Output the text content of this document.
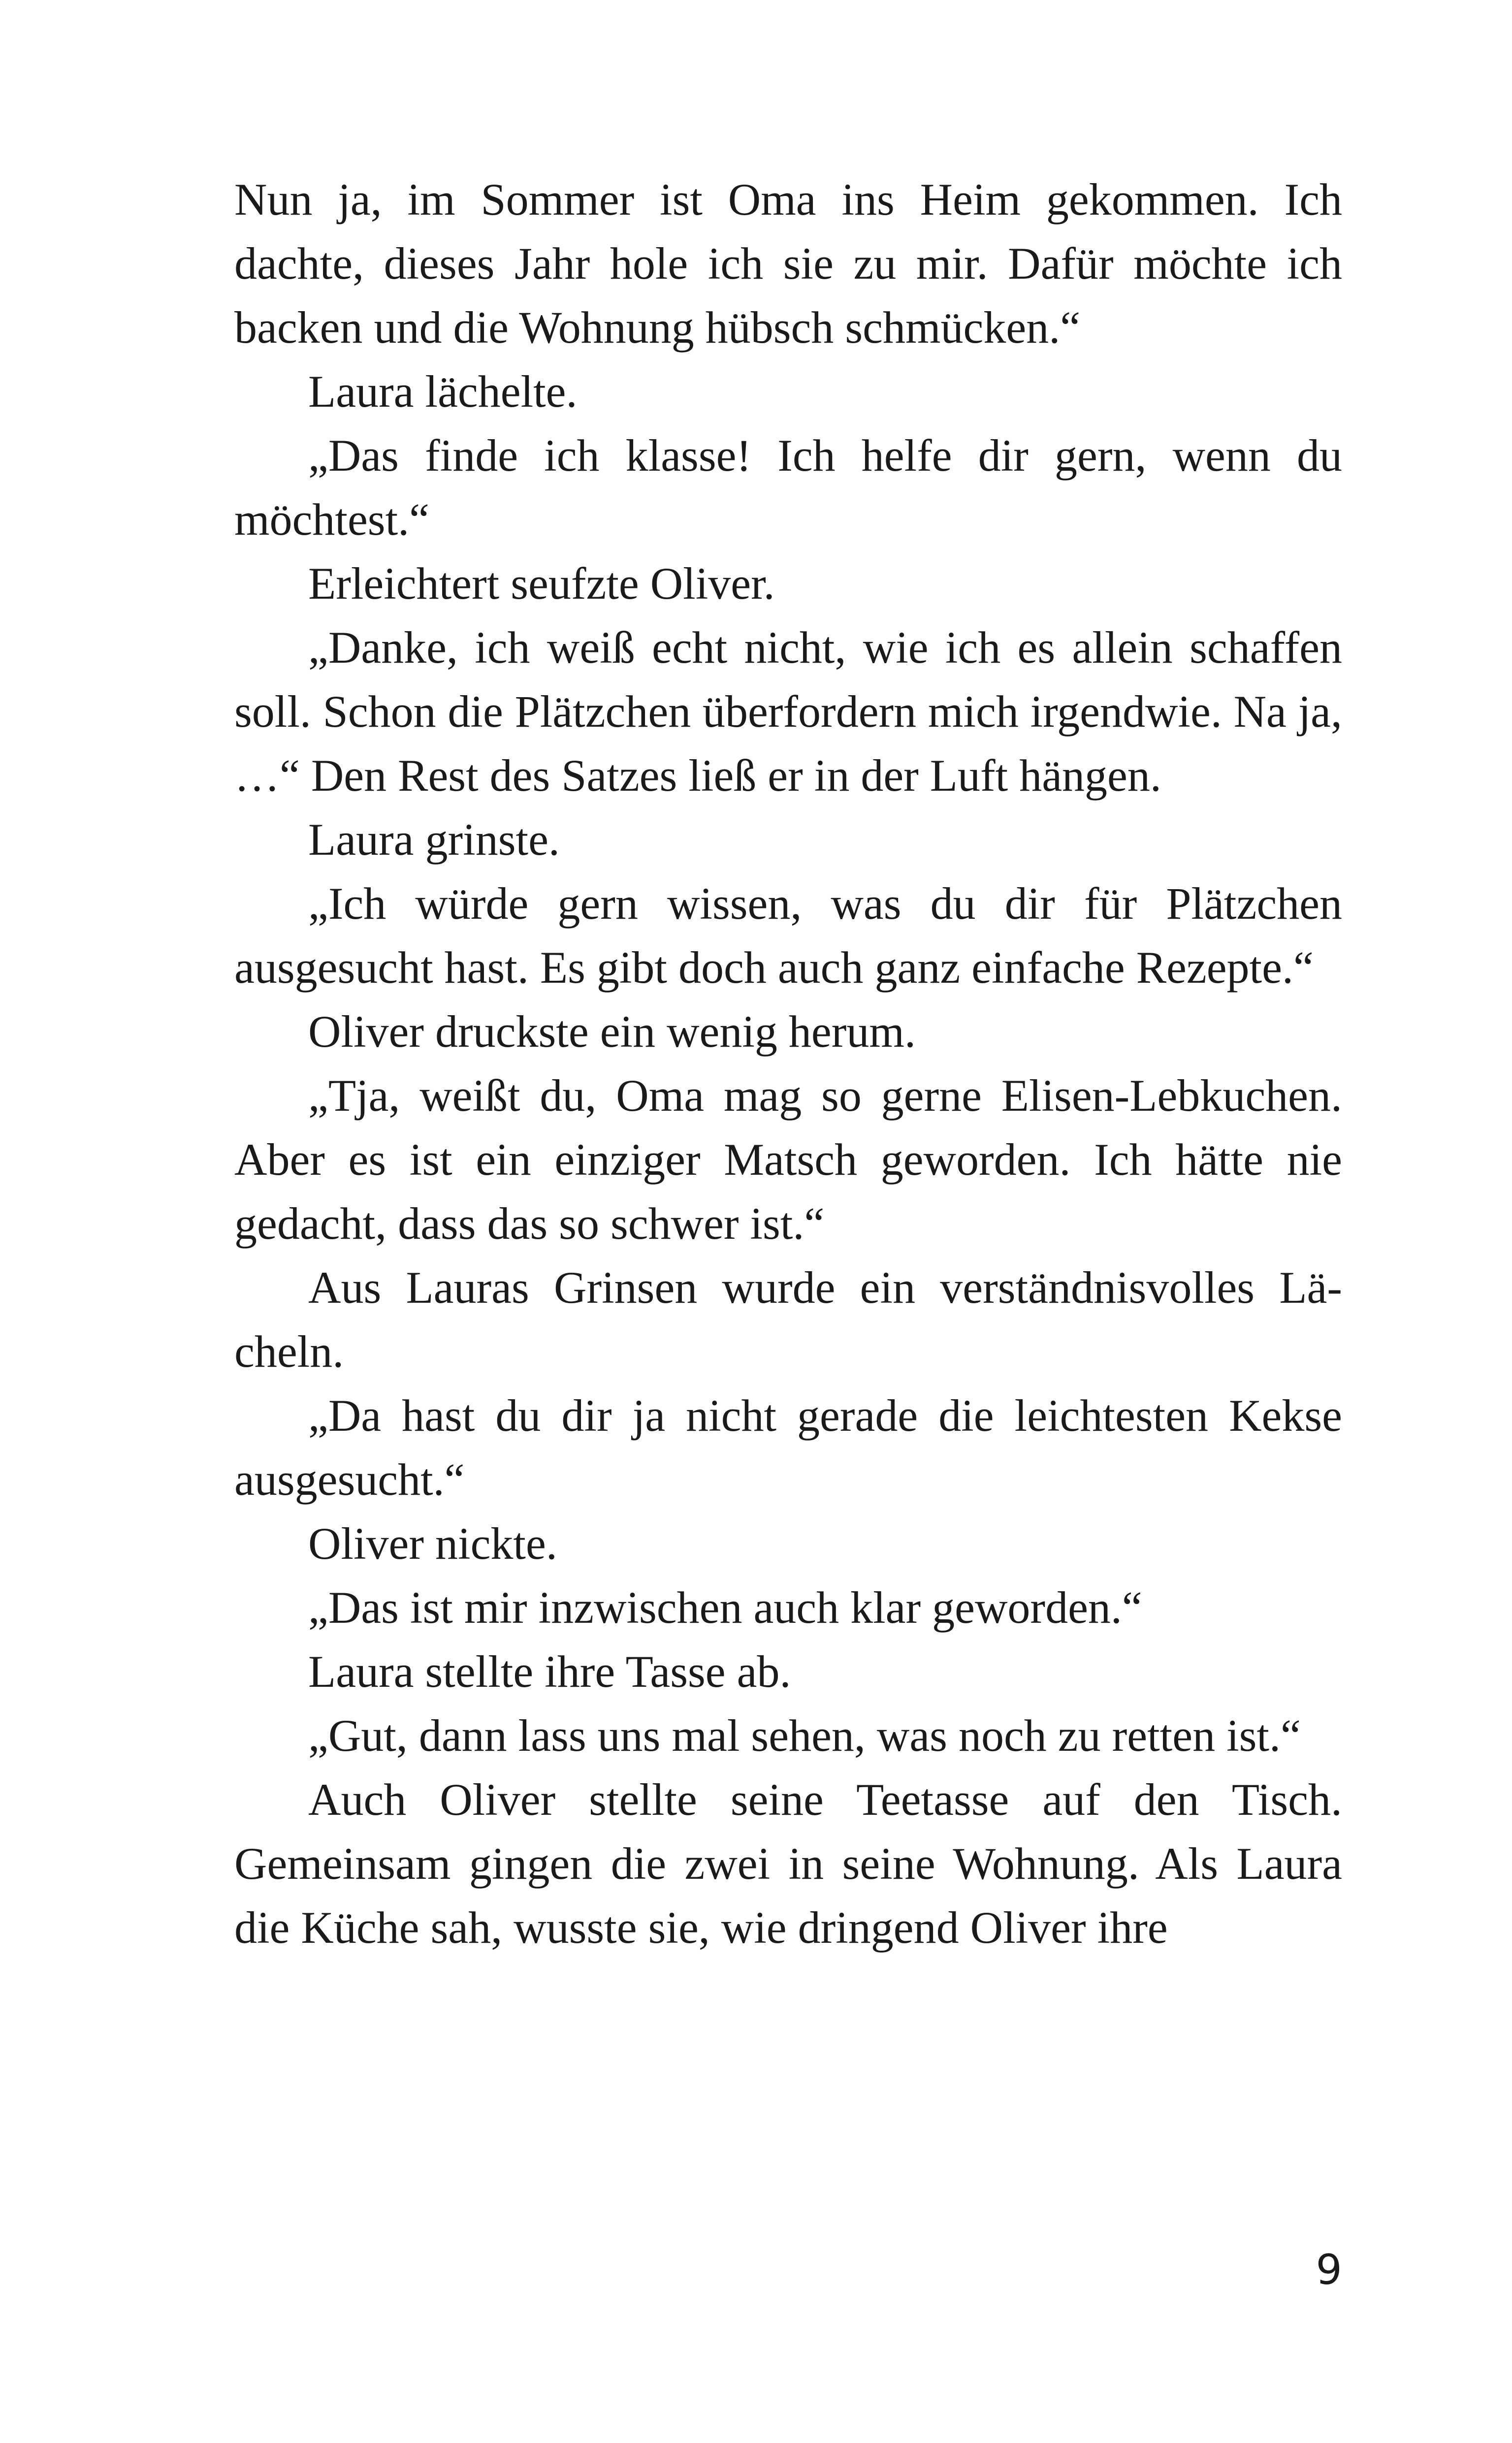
Nun ja, im Sommer ist Oma ins Heim gekommen. Ich dachte, dieses Jahr hole ich sie zu mir. Dafür möchte ich backen und die Wohnung hübsch schmücken.“

Laura lächelte.

„Das finde ich klasse! Ich helfe dir gern, wenn du möchtest.“

Erleichtert seufzte Oliver.

„Danke, ich weiß echt nicht, wie ich es allein schaffen soll. Schon die Plätzchen überfordern mich irgendwie. Na ja, …“ Den Rest des Satzes ließ er in der Luft hängen.

Laura grinste.

„Ich würde gern wissen, was du dir für Plätzchen ausgesucht hast. Es gibt doch auch ganz einfache Rezepte.“

Oliver druckste ein wenig herum.

„Tja, weißt du, Oma mag so gerne Elisen-Lebkuchen. Aber es ist ein einziger Matsch geworden. Ich hätte nie gedacht, dass das so schwer ist.“

Aus Lauras Grinsen wurde ein verständnisvolles Lächeln.

„Da hast du dir ja nicht gerade die leichtesten Kekse ausgesucht.“

Oliver nickte.

„Das ist mir inzwischen auch klar geworden.“

Laura stellte ihre Tasse ab.

„Gut, dann lass uns mal sehen, was noch zu retten ist.“

Auch Oliver stellte seine Teetasse auf den Tisch. Gemeinsam gingen die zwei in seine Wohnung. Als Laura die Küche sah, wusste sie, wie dringend Oliver ihre

9
